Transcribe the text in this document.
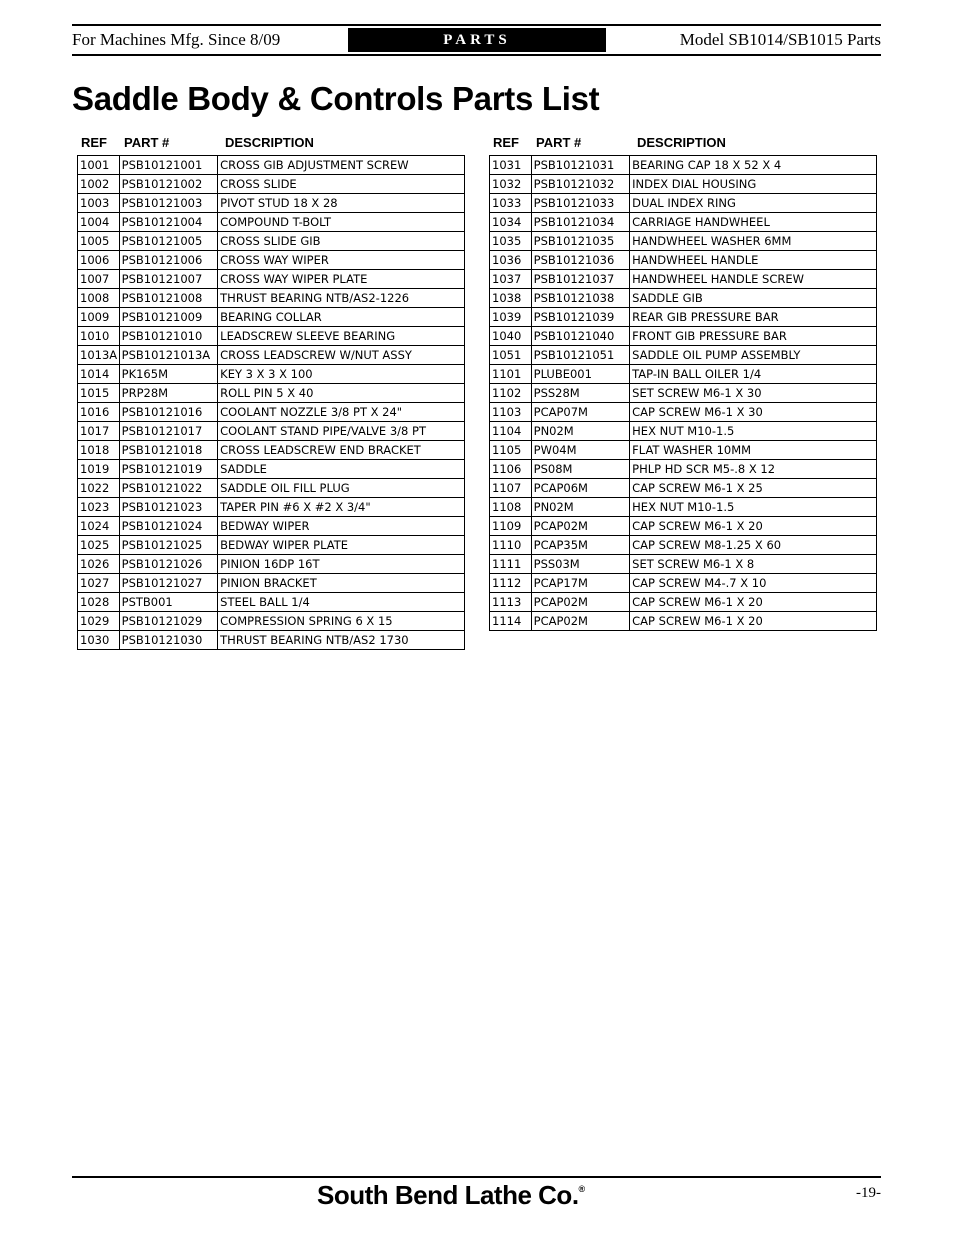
For Machines Mfg. Since 8/09	PARTS	Model SB1014/SB1015 Parts
Saddle Body & Controls Parts List
REF PART #	DESCRIPTION
1001	PSB10121001	CROSS GIB ADJUSTMENT SCREW
1002	PSB10121002	CROSS SLIDE
1003	PSB10121003	PIVOT STUD 18 X 28
1004	PSB10121004	COMPOUND T-BOLT
1005	PSB10121005	CROSS SLIDE GIB
1006	PSB10121006	CROSS WAY WIPER
1007	PSB10121007	CROSS WAY WIPER PLATE
1008	PSB10121008	THRUST BEARING NTB/AS2-1226
1009	PSB10121009	BEARING COLLAR
1010	PSB10121010	LEADSCREW SLEEVE BEARING
1013A	PSB10121013A	CROSS LEADSCREW W/NUT ASSY
1014	PK165M	KEY 3 X 3 X 100
1015	PRP28M	ROLL PIN 5 X 40
1016	PSB10121016	COOLANT NOZZLE 3/8 PT X 24"
1017	PSB10121017	COOLANT STAND PIPE/VALVE 3/8 PT
1018	PSB10121018	CROSS LEADSCREW END BRACKET
1019	PSB10121019	SADDLE
1022	PSB10121022	SADDLE OIL FILL PLUG
1023	PSB10121023	TAPER PIN #6 X #2 X 3/4"
1024	PSB10121024	BEDWAY WIPER
1025	PSB10121025	BEDWAY WIPER PLATE
1026	PSB10121026	PINION 16DP 16T
1027	PSB10121027	PINION BRACKET
1028	PSTB001	STEEL BALL 1/4
1029	PSB10121029	COMPRESSION SPRING 6 X 15
1030	PSB10121030	THRUST BEARING NTB/AS2 1730
REF PART #	DESCRIPTION
1031	PSB10121031	BEARING CAP 18 X 52 X 4
1032	PSB10121032	INDEX DIAL HOUSING
1033	PSB10121033	DUAL INDEX RING
1034	PSB10121034	CARRIAGE HANDWHEEL
1035	PSB10121035	HANDWHEEL WASHER 6MM
1036	PSB10121036	HANDWHEEL HANDLE
1037	PSB10121037	HANDWHEEL HANDLE SCREW
1038	PSB10121038	SADDLE GIB
1039	PSB10121039	REAR GIB PRESSURE BAR
1040	PSB10121040	FRONT GIB PRESSURE BAR
1051	PSB10121051	SADDLE OIL PUMP ASSEMBLY
1101	PLUBE001	TAP-IN BALL OILER 1/4
1102	PSS28M	SET SCREW M6-1 X 30
1103	PCAP07M	CAP SCREW M6-1 X 30
1104	PN02M	HEX NUT M10-1.5
1105	PW04M	FLAT WASHER 10MM
1106	PS08M	PHLP HD SCR M5-.8 X 12
1107	PCAP06M	CAP SCREW M6-1 X 25
1108	PN02M	HEX NUT M10-1.5
1109	PCAP02M	CAP SCREW M6-1 X 20
1110	PCAP35M	CAP SCREW M8-1.25 X 60
1111	PSS03M	SET SCREW M6-1 X 8
1112	PCAP17M	CAP SCREW M4-.7 X 10
1113	PCAP02M	CAP SCREW M6-1 X 20
1114	PCAP02M	CAP SCREW M6-1 X 20
South Bend Lathe Co.®	-19-
